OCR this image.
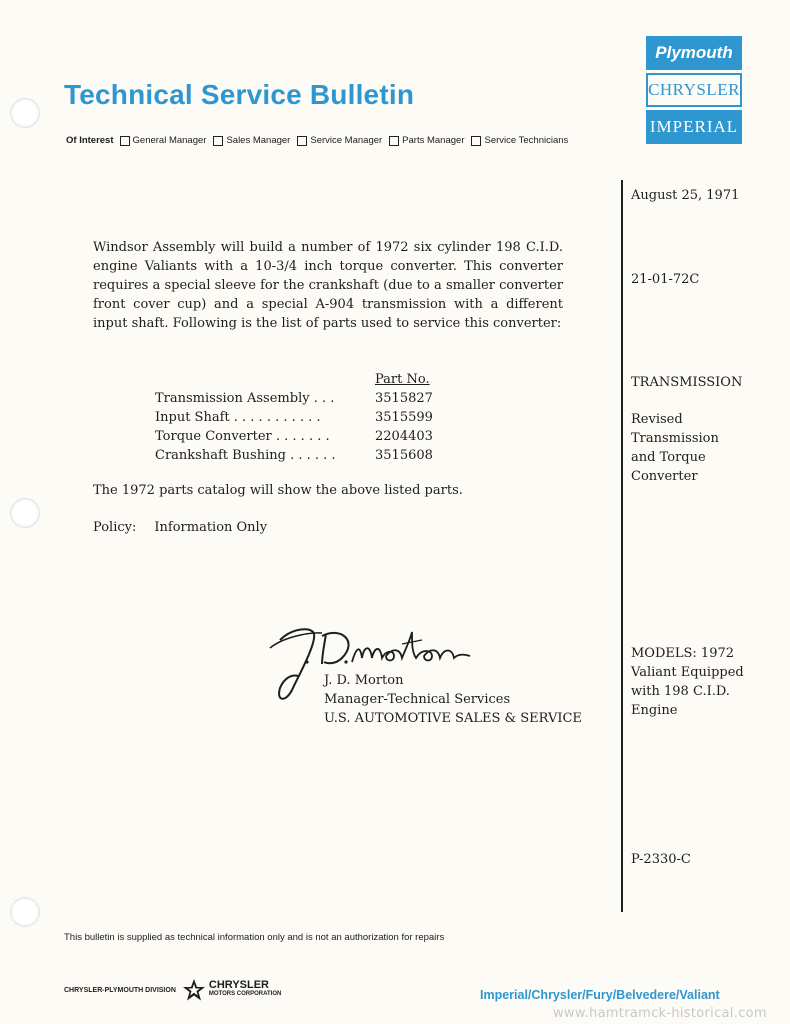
Technical Service Bulletin
Of Interest General Manager Sales Manager Service Manager Parts Manager Service Technicians
Plymouth
CHRYSLER
IMPERIAL
August 25, 1971
21-01-72C
TRANSMISSION
Revised
Transmission
and Torque
Converter
MODELS: 1972
Valiant Equipped
with 198 C.I.D.
Engine
P-2330-C
Windsor Assembly will build a number of 1972 six cylinder 198 C.I.D. engine Valiants with a 10-3/4 inch torque converter. This converter requires a special sleeve for the crankshaft (due to a smaller converter front cover cup) and a special A-904 transmission with a different input shaft. Following is the list of parts used to service this converter:
Part No.
Transmission Assembly . . .	3515827
Input Shaft . . . . . . . . . . .	3515599
Torque Converter . . . . . . .	2204403
Crankshaft Bushing . . . . . .	3515608
The 1972 parts catalog will show the above listed parts.
Policy: Information Only
J. D. Morton
Manager-Technical Services
U.S. AUTOMOTIVE SALES & SERVICE
This bulletin is supplied as technical information only and is not an authorization for repairs
CHRYSLER-PLYMOUTH DIVISION	CHRYSLER
MOTORS CORPORATION	Imperial/Chrysler/Fury/Belvedere/Valiant
www.hamtramck-historical.com
